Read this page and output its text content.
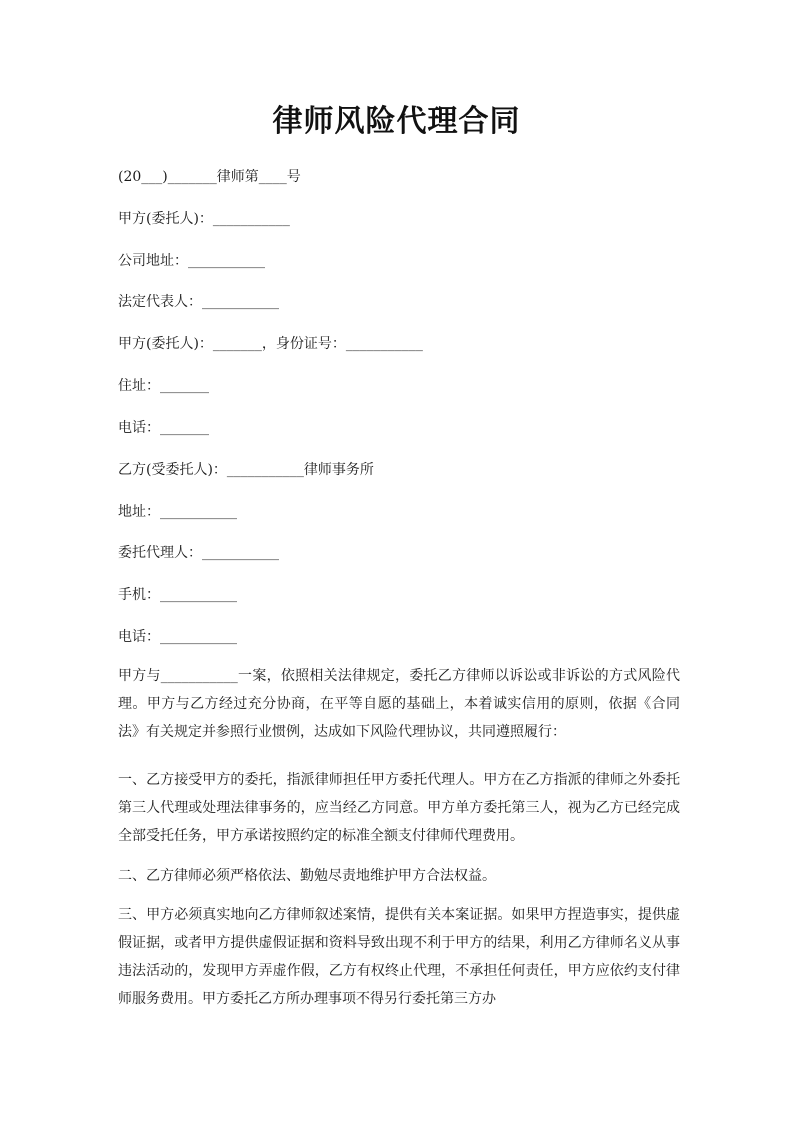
律师风险代理合同
(20___)_______律师第____号
甲方(委托人)：___________
公司地址：___________
法定代表人：___________
甲方(委托人)：_______，身份证号：___________
住址：_______
电话：_______
乙方(受委托人)：___________律师事务所
地址：___________
委托代理人：___________
手机：___________
电话：___________
甲方与___________一案，依照相关法律规定，委托乙方律师以诉讼或非诉讼的方式风险代理。甲方与乙方经过充分协商，在平等自愿的基础上，本着诚实信用的原则，依据《合同法》有关规定并参照行业惯例，达成如下风险代理协议，共同遵照履行：
一、乙方接受甲方的委托，指派律师担任甲方委托代理人。甲方在乙方指派的律师之外委托第三人代理或处理法律事务的，应当经乙方同意。甲方单方委托第三人，视为乙方已经完成全部受托任务，甲方承诺按照约定的标准全额支付律师代理费用。
二、乙方律师必须严格依法、勤勉尽责地维护甲方合法权益。
三、甲方必须真实地向乙方律师叙述案情，提供有关本案证据。如果甲方捏造事实，提供虚假证据，或者甲方提供虚假证据和资料导致出现不利于甲方的结果，利用乙方律师名义从事违法活动的，发现甲方弄虚作假，乙方有权终止代理，不承担任何责任，甲方应依约支付律师服务费用。甲方委托乙方所办理事项不得另行委托第三方办
